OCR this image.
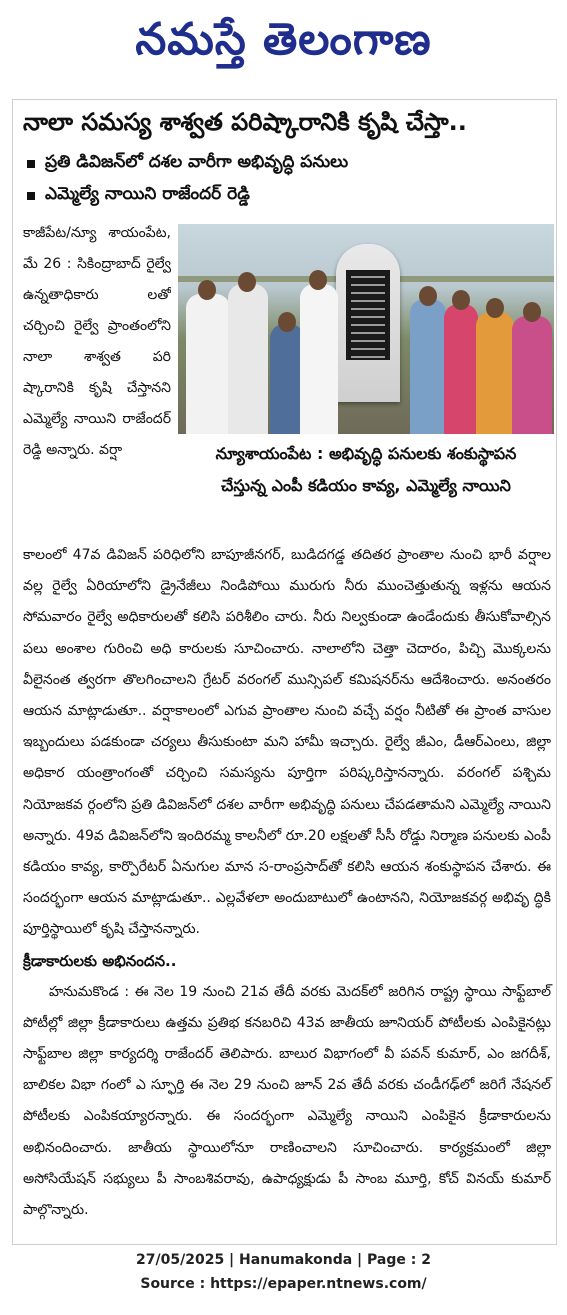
నమస్తే తెలంగాణ
నాలా సమస్య శాశ్వత పరిష్కారానికి కృషి చేస్తా..
ప్రతి డివిజన్‌లో దశల వారీగా అభివృద్ధి పనులు
ఎమ్మెల్యే నాయిని రాజేందర్ రెడ్డి
కాజీపేట/న్యూ శాయంపేట, మే 26 : సికింద్రాబాద్ రైల్వే ఉన్నతాధికారు లతో చర్చించి రైల్వే ప్రాంతంలోని నాలా శాశ్వత పరి ష్కారానికి కృషి చేస్తానని ఎమ్మెల్యే నాయిని రాజేందర్ రెడ్డి అన్నారు. వర్షా	న్యూశాయంపేట : అభివృద్ధి పనులకు శంకుస్థాపన
చేస్తున్న ఎంపీ కడియం కావ్య, ఎమ్మెల్యే నాయిని

కాలంలో 47వ డివిజన్ పరిధిలోని బాపూజీనగర్, బుడిదగడ్డ తదితర ప్రాంతాల నుంచి భారీ వర్షాల వల్ల రైల్వే ఏరియాలోని డ్రైనేజీలు నిండిపోయి మురుగు నీరు ముంచెత్తుతున్న ఇళ్లను ఆయన సోమవారం రైల్వే అధికారులతో కలిసి పరిశీలిం చారు. నీరు నిల్వకుండా ఉండేందుకు తీసుకోవాల్సిన పలు అంశాల గురించి అధి కారులకు సూచించారు. నాలాలోని చెత్తా చెదారం, పిచ్చి మొక్కలను వీలైనంత త్వరగా తొలగించాలని గ్రేటర్ వరంగల్ మున్సిపల్ కమిషనర్‌ను ఆదేశించారు. అనంతరం ఆయన మాట్లాడుతూ.. వర్షాకాలంలో ఎగువ ప్రాంతాల నుంచి వచ్చే వర్షం నీటితో ఈ ప్రాంత వాసుల ఇబ్బందులు పడకుండా చర్యలు తీసుకుంటా మని హామీ ఇచ్చారు. రైల్వే జీఎం, డీఆర్ఎంలు, జిల్లా అధికార యంత్రాంగంతో చర్చించి సమస్యను పూర్తిగా పరిష్కరిస్తానన్నారు. వరంగల్ పశ్చిమ నియోజకవ ర్గంలోని ప్రతి డివిజన్‌లో దశల వారీగా అభివృద్ధి పనులు చేపడతామని ఎమ్మెల్యే నాయిని అన్నారు. 49వ డివిజన్‌లోని ఇందిరమ్మ కాలనీలో రూ.20 లక్షలతో సీసీ రోడ్డు నిర్మాణ పనులకు ఎంపీ కడియం కావ్య, కార్పొరేటర్ ఏనుగుల మాన స-రాంప్రసాద్‌తో కలిసి ఆయన శంకుస్థాపన చేశారు. ఈ సందర్భంగా ఆయన మాట్లాడుతూ.. ఎల్లవేళలా అందుబాటులో ఉంటానని, నియోజకవర్గ అభివృ ద్ధికి పూర్తిస్థాయిలో కృషి చేస్తానన్నారు.

క్రీడాకారులకు అభినందన..

హనుమకొండ : ఈ నెల 19 నుంచి 21వ తేదీ వరకు మెదక్‌లో జరిగిన రాష్ట్ర స్థాయి సాఫ్ట్‌బాల్ పోటీల్లో జిల్లా క్రీడాకారులు ఉత్తమ ప్రతిభ కనబరిచి 43వ జాతీయ జూనియర్ పోటీలకు ఎంపికైనట్లు సాఫ్ట్‌బాల జిల్లా కార్యదర్శి రాజేందర్ తెలిపారు. బాలుర విభాగంలో వీ పవన్ కుమార్, ఎం జగదీశ్, బాలికల విభా గంలో ఎ స్ఫూర్తి ఈ నెల 29 నుంచి జూన్ 2వ తేదీ వరకు చండీగఢ్‌లో జరిగే నేషనల్ పోటీలకు ఎంపికయ్యారన్నారు. ఈ సందర్భంగా ఎమ్మెల్యే నాయిని ఎంపికైన క్రీడాకారులను అభినందించారు. జాతీయ స్థాయిలోనూ రాణించాలని సూచించారు. కార్యక్రమంలో జిల్లా అసోసియేషన్ సభ్యులు పీ సాంబశివరావు, ఉపాధ్యక్షుడు పీ సాంబ మూర్తి, కోచ్ వినయ్ కుమార్ పాల్గొన్నారు.

27/05/2025 | Hanumakonda | Page : 2
Source : https://epaper.ntnews.com/
